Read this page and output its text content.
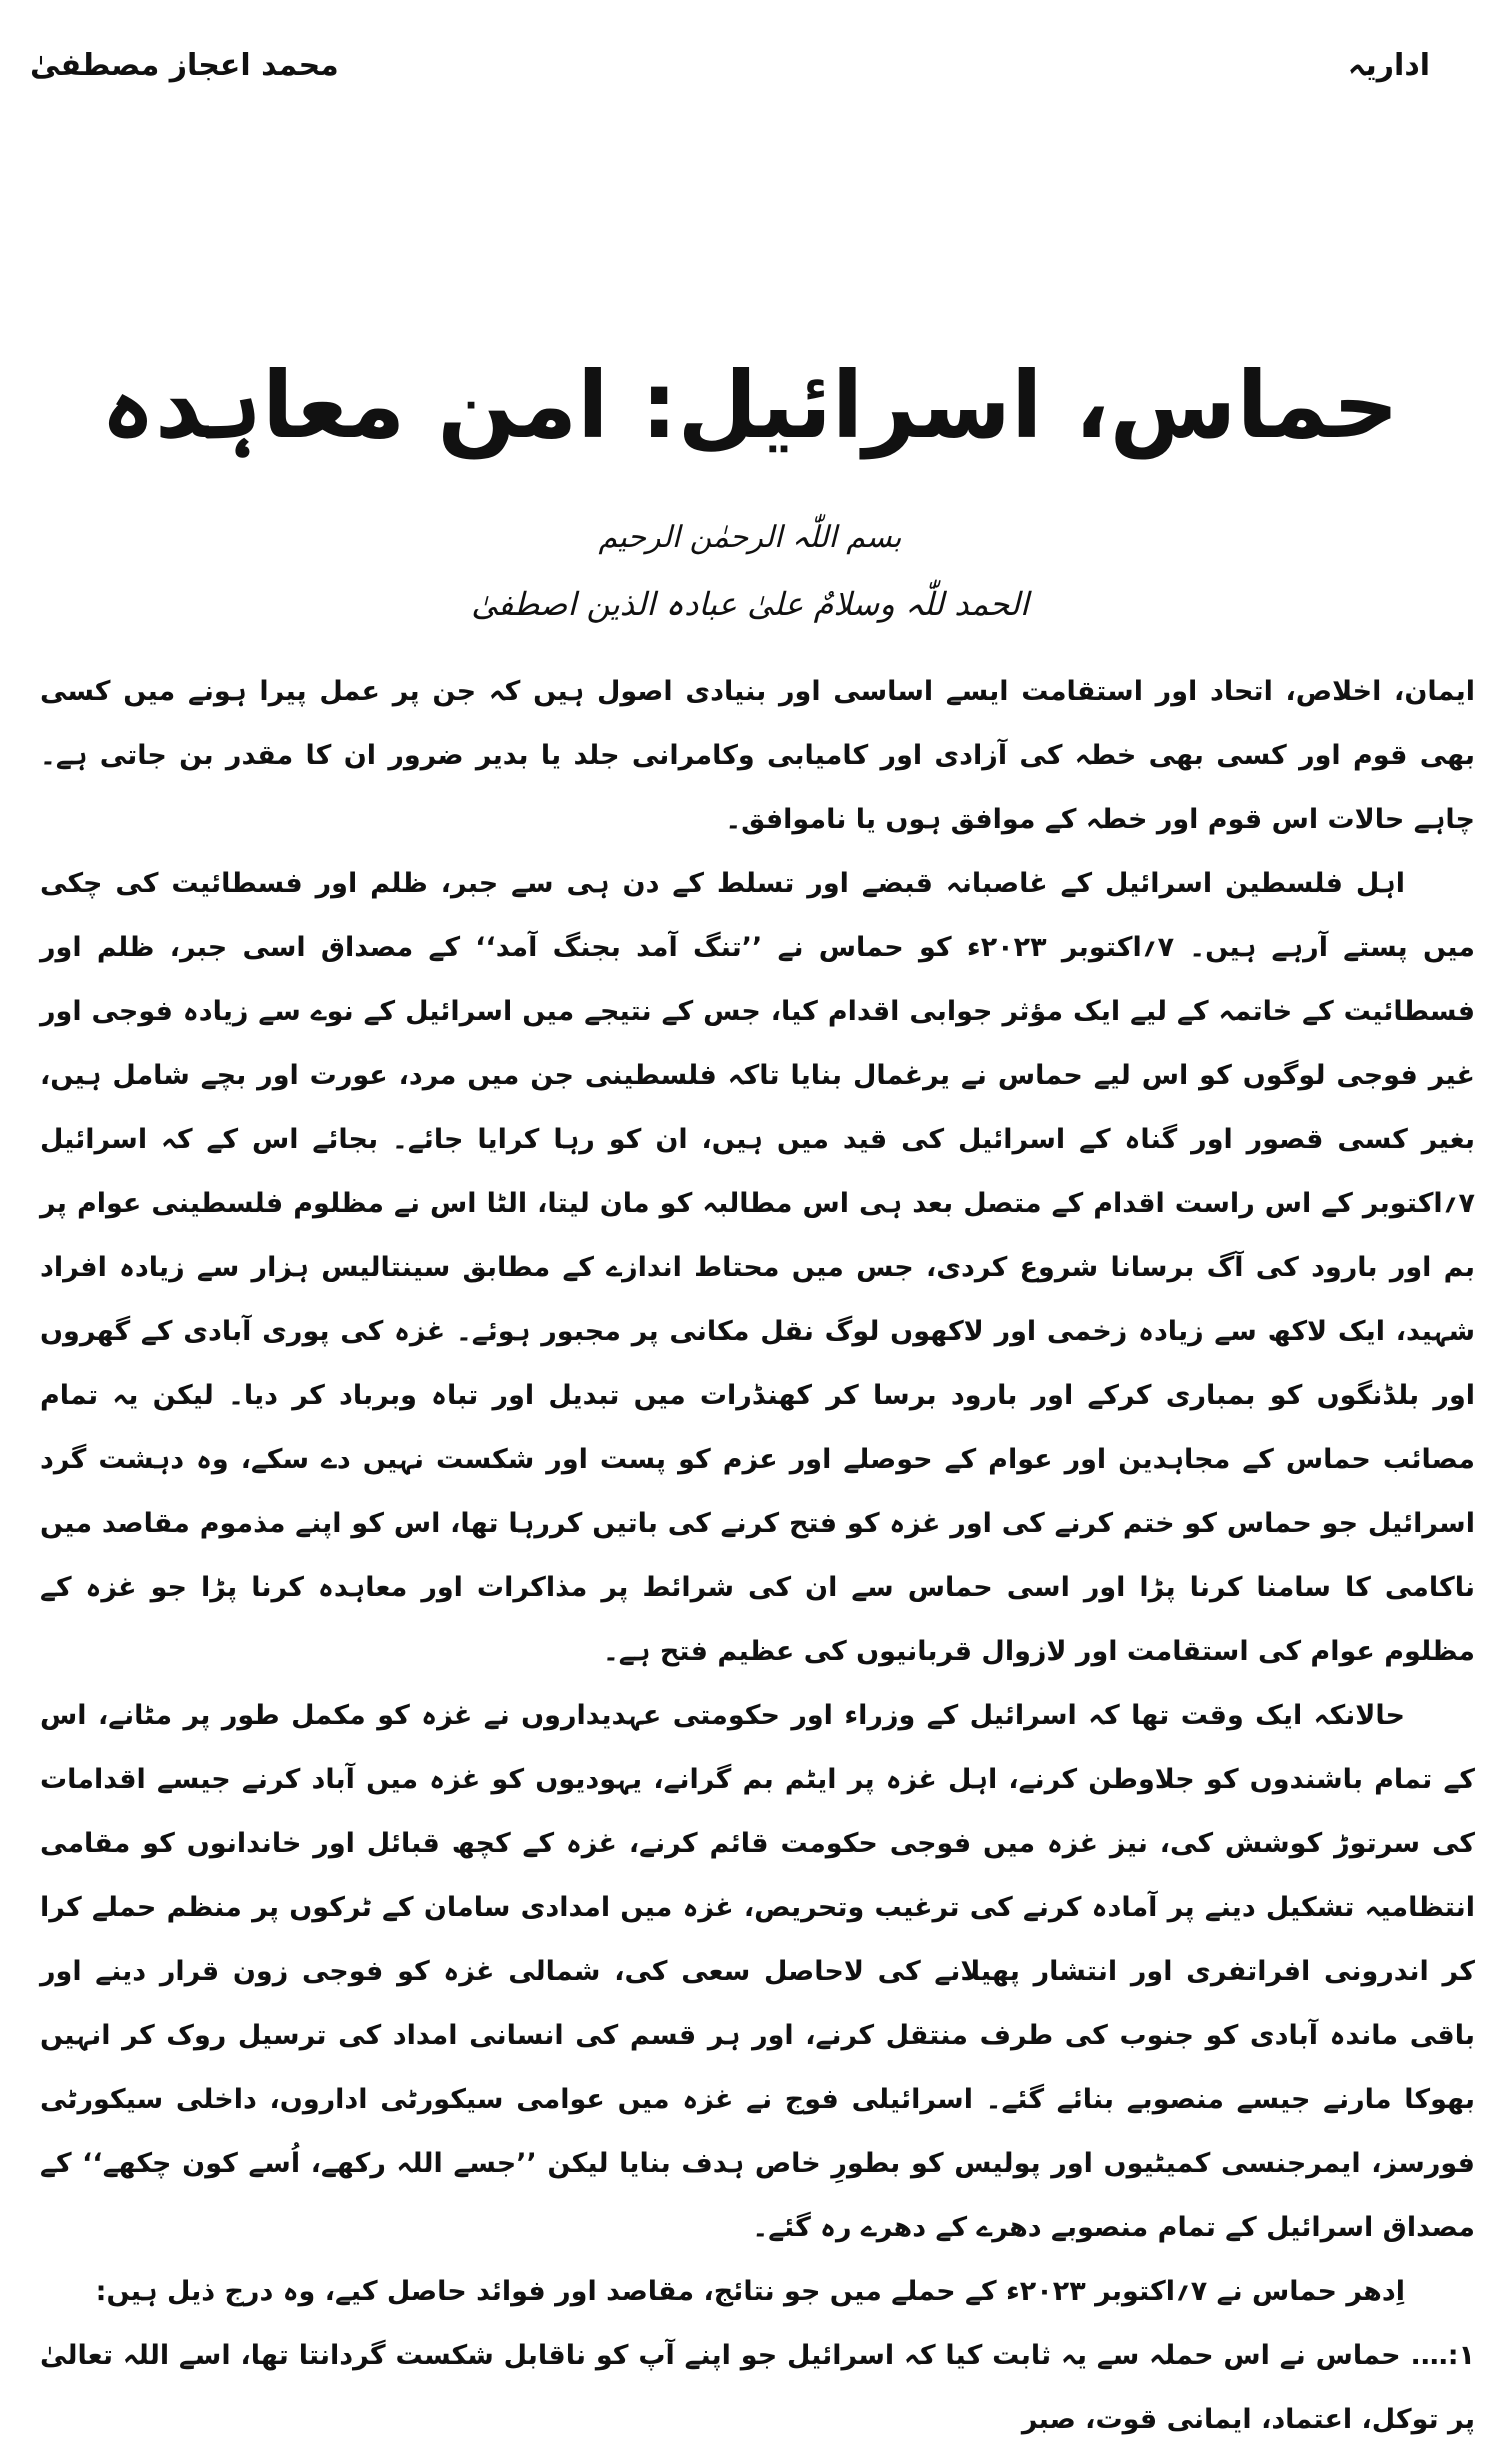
اداریہ
محمد اعجاز مصطفیٰ
حماس، اسرائیل: امن معاہدہ
بسم اللّٰہ الرحمٰن الرحیم
الحمد للّٰہ وسلامٌ علیٰ عبادہ الذین اصطفیٰ

ایمان، اخلاص، اتحاد اور استقامت ایسے اساسی اور بنیادی اصول ہیں کہ جن پر عمل پیرا ہونے میں کسی بھی قوم اور کسی بھی خطہ کی آزادی اور کامیابی وکامرانی جلد یا بدیر ضرور ان کا مقدر بن جاتی ہے۔ چاہے حالات اس قوم اور خطہ کے موافق ہوں یا ناموافق۔

اہل فلسطین اسرائیل کے غاصبانہ قبضے اور تسلط کے دن ہی سے جبر، ظلم اور فسطائیت کی چکی میں پستے آرہے ہیں۔ ۷؍اکتوبر ۲۰۲۳ء کو حماس نے ’’تنگ آمد بجنگ آمد‘‘ کے مصداق اسی جبر، ظلم اور فسطائیت کے خاتمہ کے لیے ایک مؤثر جوابی اقدام کیا، جس کے نتیجے میں اسرائیل کے نوے سے زیادہ فوجی اور غیر فوجی لوگوں کو اس لیے حماس نے یرغمال بنایا تاکہ فلسطینی جن میں مرد، عورت اور بچے شامل ہیں، بغیر کسی قصور اور گناہ کے اسرائیل کی قید میں ہیں، ان کو رہا کرایا جائے۔ بجائے اس کے کہ اسرائیل ۷؍اکتوبر کے اس راست اقدام کے متصل بعد ہی اس مطالبہ کو مان لیتا، الٹا اس نے مظلوم فلسطینی عوام پر بم اور بارود کی آگ برسانا شروع کردی، جس میں محتاط اندازے کے مطابق سینتالیس ہزار سے زیادہ افراد شہید، ایک لاکھ سے زیادہ زخمی اور لاکھوں لوگ نقل مکانی پر مجبور ہوئے۔ غزہ کی پوری آبادی کے گھروں اور بلڈنگوں کو بمباری کرکے اور بارود برسا کر کھنڈرات میں تبدیل اور تباہ وبرباد کر دیا۔ لیکن یہ تمام مصائب حماس کے مجاہدین اور عوام کے حوصلے اور عزم کو پست اور شکست نہیں دے سکے، وہ دہشت گرد اسرائیل جو حماس کو ختم کرنے کی اور غزہ کو فتح کرنے کی باتیں کررہا تھا، اس کو اپنے مذموم مقاصد میں ناکامی کا سامنا کرنا پڑا اور اسی حماس سے ان کی شرائط پر مذاکرات اور معاہدہ کرنا پڑا جو غزہ کے مظلوم عوام کی استقامت اور لازوال قربانیوں کی عظیم فتح ہے۔

حالانکہ ایک وقت تھا کہ اسرائیل کے وزراء اور حکومتی عہدیداروں نے غزہ کو مکمل طور پر مٹانے، اس کے تمام باشندوں کو جلاوطن کرنے، اہل غزہ پر ایٹم بم گرانے، یہودیوں کو غزہ میں آباد کرنے جیسے اقدامات کی سرتوڑ کوشش کی، نیز غزہ میں فوجی حکومت قائم کرنے، غزہ کے کچھ قبائل اور خاندانوں کو مقامی انتظامیہ تشکیل دینے پر آمادہ کرنے کی ترغیب وتحریص، غزہ میں امدادی سامان کے ٹرکوں پر منظم حملے کرا کر اندرونی افراتفری اور انتشار پھیلانے کی لاحاصل سعی کی، شمالی غزہ کو فوجی زون قرار دینے اور باقی ماندہ آبادی کو جنوب کی طرف منتقل کرنے، اور ہر قسم کی انسانی امداد کی ترسیل روک کر انہیں بھوکا مارنے جیسے منصوبے بنائے گئے۔ اسرائیلی فوج نے غزہ میں عوامی سیکورٹی اداروں، داخلی سیکورٹی فورسز، ایمرجنسی کمیٹیوں اور پولیس کو بطورِ خاص ہدف بنایا لیکن ’’جسے اللہ رکھے، اُسے کون چکھے‘‘ کے مصداق اسرائیل کے تمام منصوبے دھرے کے دھرے رہ گئے۔

اِدھر حماس نے ۷؍اکتوبر ۲۰۲۳ء کے حملے میں جو نتائج، مقاصد اور فوائد حاصل کیے، وہ درج ذیل ہیں:

۱:…. حماس نے اس حملہ سے یہ ثابت کیا کہ اسرائیل جو اپنے آپ کو ناقابل شکست گردانتا تھا، اسے اللہ تعالیٰ پر توکل، اعتماد، ایمانی قوت، صبر
